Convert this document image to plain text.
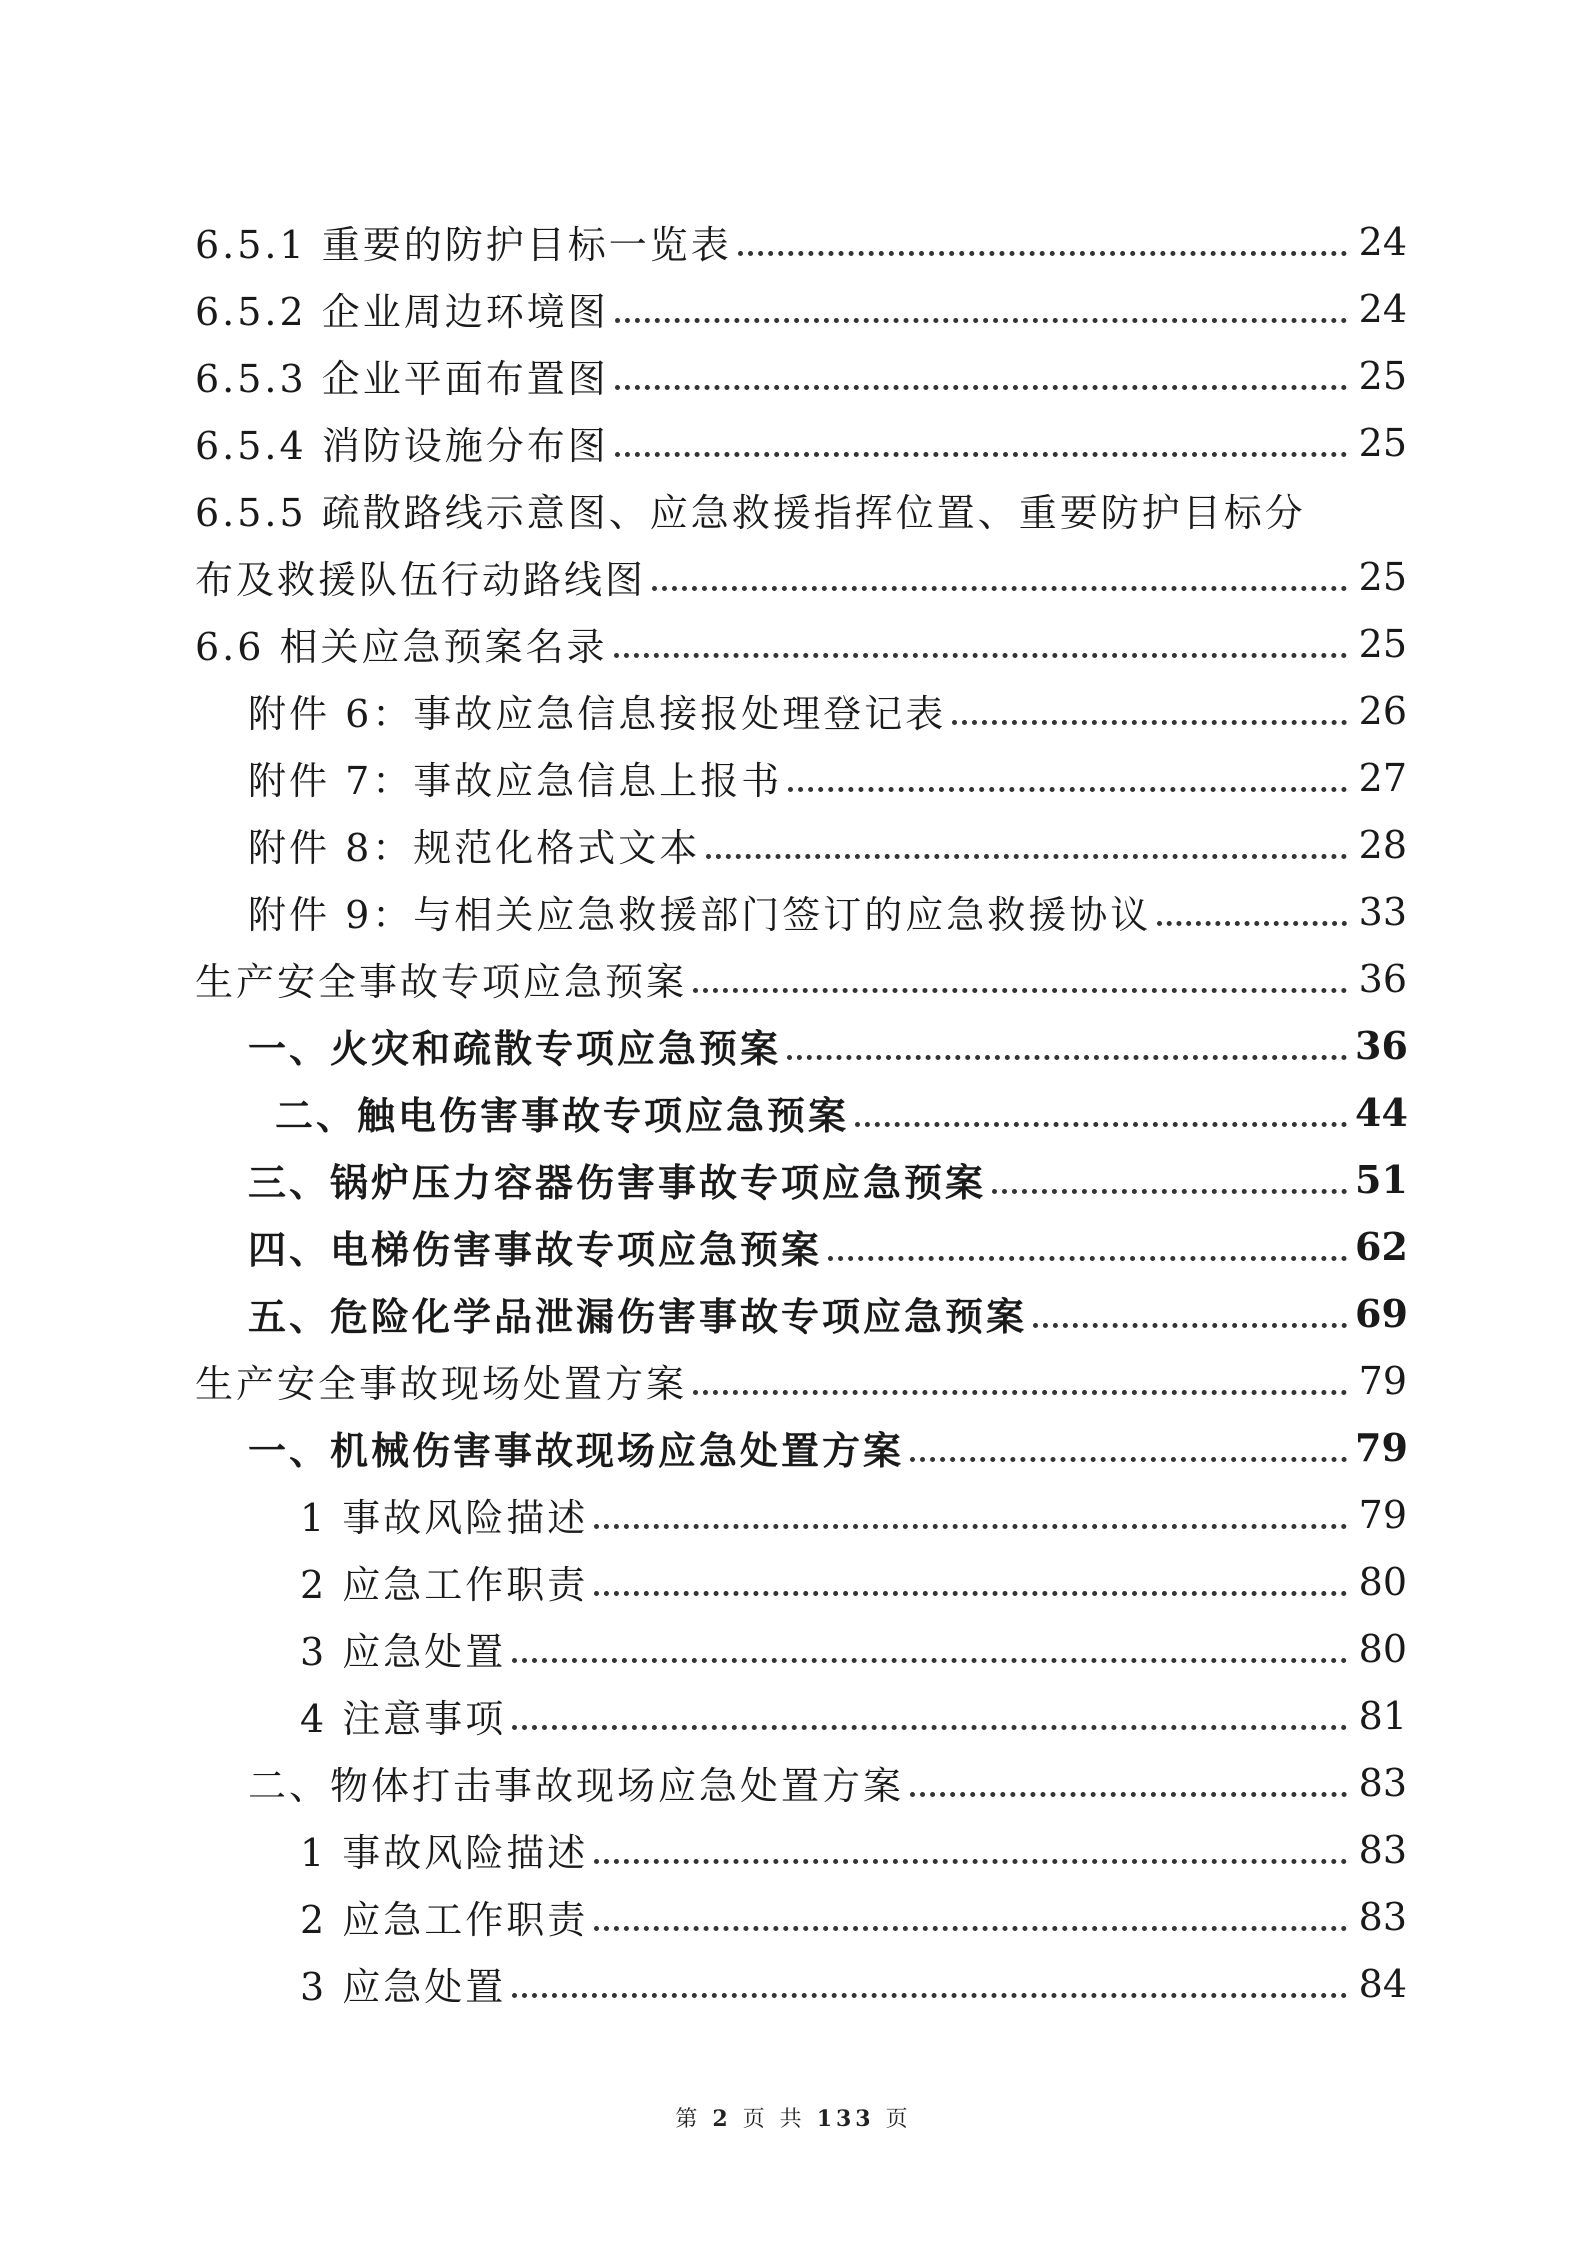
6.5.1 重要的防护目标一览表	24
6.5.2 企业周边环境图	24
6.5.3 企业平面布置图	25
6.5.4 消防设施分布图	25
6.5.5 疏散路线示意图、应急救援指挥位置、重要防护目标分
布及救援队伍行动路线图	25
6.6 相关应急预案名录	25
附件 6：事故应急信息接报处理登记表	26
附件 7：事故应急信息上报书	27
附件 8：规范化格式文本	28
附件 9：与相关应急救援部门签订的应急救援协议	33
生产安全事故专项应急预案	36
一、火灾和疏散专项应急预案	36
二、触电伤害事故专项应急预案	44
三、锅炉压力容器伤害事故专项应急预案	51
四、电梯伤害事故专项应急预案	62
五、危险化学品泄漏伤害事故专项应急预案	69
生产安全事故现场处置方案	79
一、机械伤害事故现场应急处置方案	79
1 事故风险描述	79
2 应急工作职责	80
3 应急处置	80
4 注意事项	81
二、物体打击事故现场应急处置方案	83
1 事故风险描述	83
2 应急工作职责	83
3 应急处置	84
第 2 页 共 133 页
